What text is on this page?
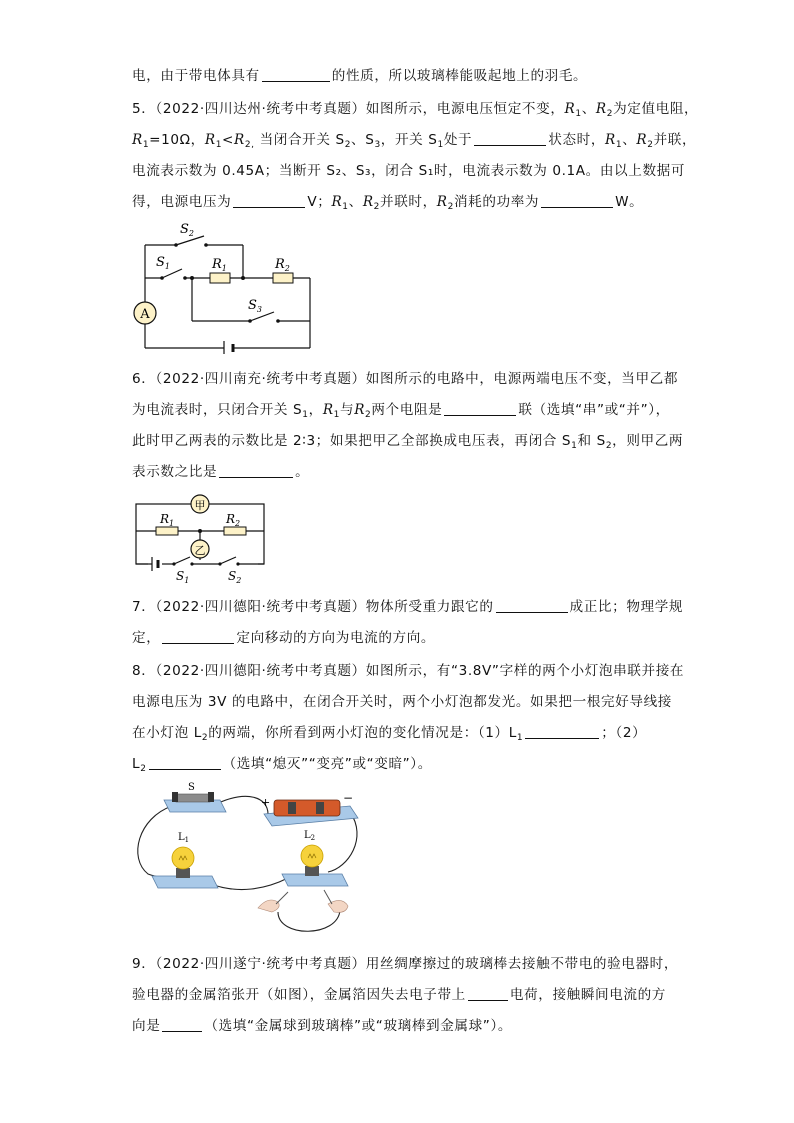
电，由于带电体具有	的性质，所以玻璃棒能吸起地上的羽毛。
5．（2022·四川达州·统考中考真题）如图所示，电源电压恒定不变，$R_1$、$R_2$为定值电阻，
$R_1=10\Omega$，$R_1<R_{2,}$ 当闭合开关 $S_2$、$S_3$，开关 $S_1$处于	状态时，$R_1$、$R_2$并联，
电流表示数为 0.45A；当断开 S₂、S₃，闭合 S₁时，电流表示数为 0.1A。由以上数据可
得，电源电压为	V；$R_1$、$R_2$并联时，$R_2$消耗的功率为	W。
A
$S_2$
$S_1$	$R_1$	$R_2$
$S_3$
6．（2022·四川南充·统考中考真题）如图所示的电路中，电源两端电压不变，当甲乙都
为电流表时，只闭合开关 $S_1$，$R_1$与$R_2$两个电阻是	联（选填“串”或“并”），
此时甲乙两表的示数比是 2∶3；如果把甲乙全部换成电压表，再闭合 $S_1$和 $S_2$，则甲乙两
表示数之比是	。
甲
乙
$R_1$	$R_2$
$S_1$	$S_2$
7．（2022·四川德阳·统考中考真题）物体所受重力跟它的	成正比；物理学规
定，	定向移动的方向为电流的方向。
8．（2022·四川德阳·统考中考真题）如图所示，有“3.8V”字样的两个小灯泡串联并接在
电源电压为 3V 的电路中，在闭合开关时，两个小灯泡都发光。如果把一根完好导线接
在小灯泡 $L_2$的两端，你所看到两小灯泡的变化情况是：$(1)L_1$	；（2）
$L_2$	（选填“熄灭”“变亮”或“变暗”）。
S
+	−
$L_1$	$L_2$
9．（2022·四川遂宁·统考中考真题）用丝绸摩擦过的玻璃棒去接触不带电的验电器时，
验电器的金属箔张开（如图），金属箔因失去电子带上	电荷，接触瞬间电流的方
向是	（选填“金属球到玻璃棒”或“玻璃棒到金属球”）。
